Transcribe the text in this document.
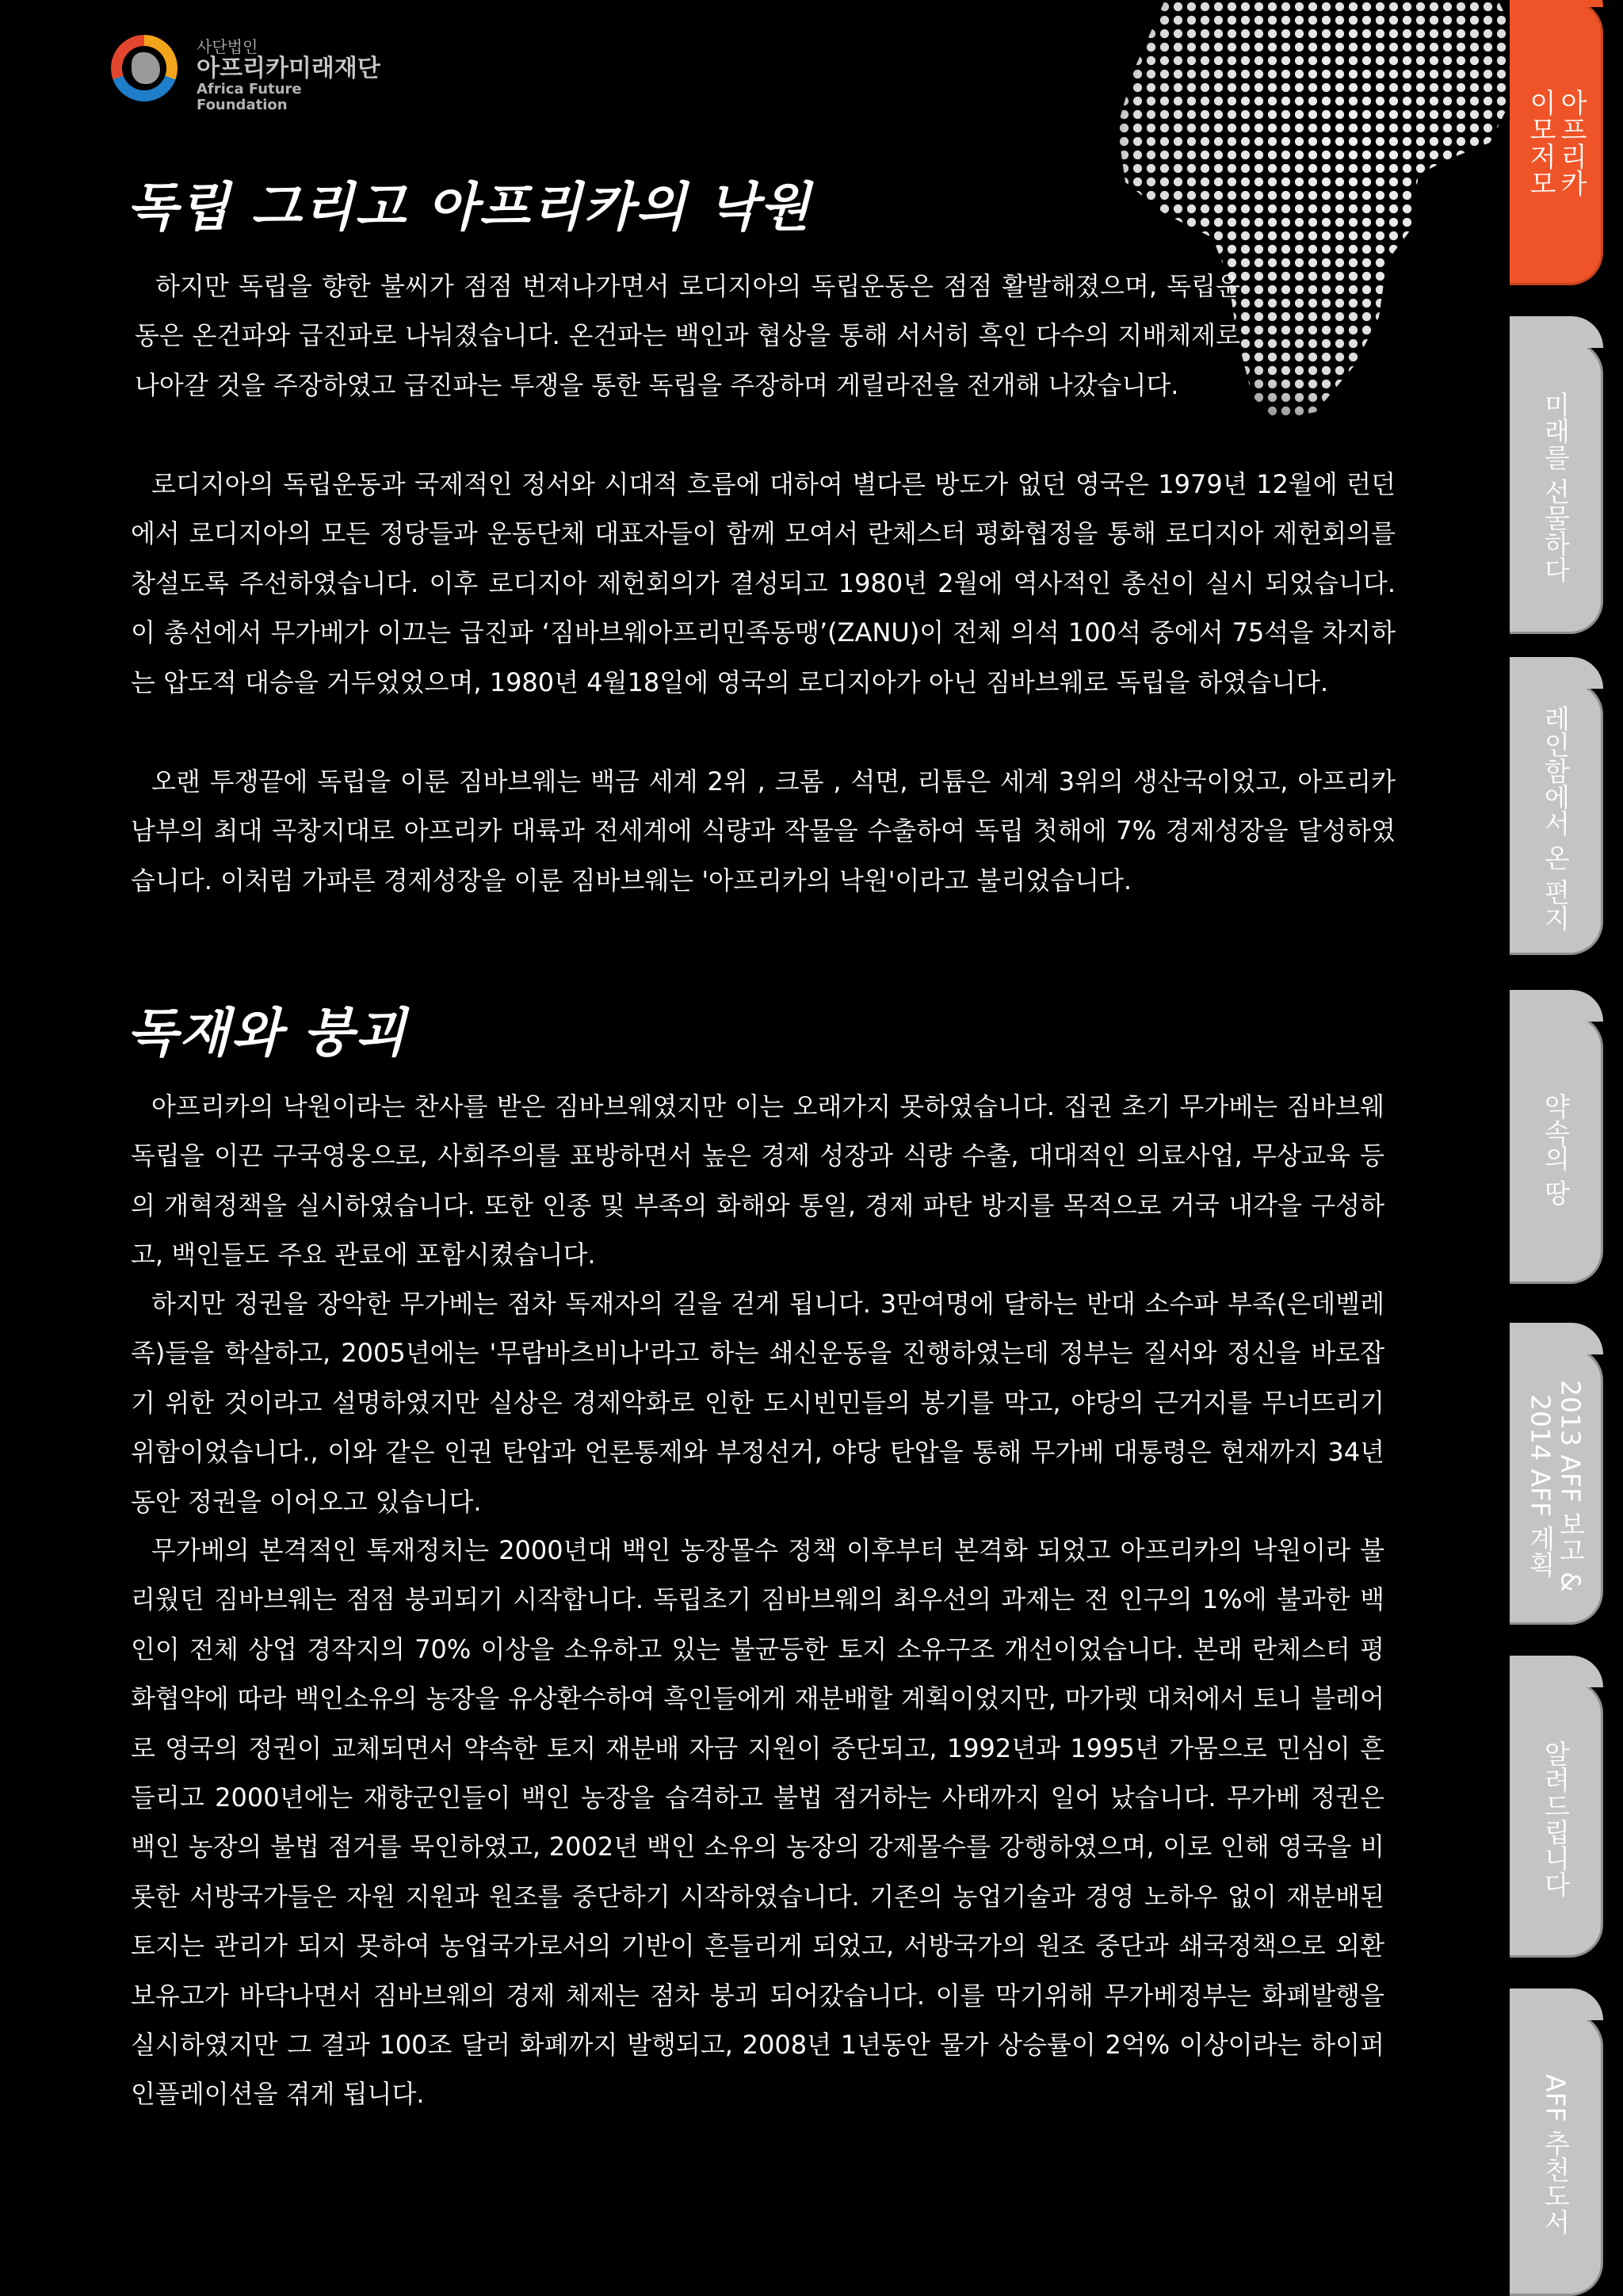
사단법인
아프리카미래재단
Africa Future Foundation	아프리카
이모저모
미래를 선물하다
레인함에서 온 편지
약속의 땅
2013 AFF 보고 &
2014 AFF 계획
알려드립니다
AFF 추천도서
독립 그리고 아프리카의 낙원

하지만 독립을 향한 불씨가 점점 번져나가면서 로디지아의 독립운동은 점점 활발해졌으며, 독립운동은 온건파와 급진파로 나눠졌습니다. 온건파는 백인과 협상을 통해 서서히 흑인 다수의 지배체제로 나아갈 것을 주장하였고 급진파는 투쟁을 통한 독립을 주장하며 게릴라전을 전개해 나갔습니다.

로디지아의 독립운동과 국제적인 정서와 시대적 흐름에 대하여 별다른 방도가 없던 영국은 1979년 12월에 런던에서 로디지아의 모든 정당들과 운동단체 대표자들이 함께 모여서 란체스터 평화협정을 통해 로디지아 제헌회의를 창설도록 주선하였습니다. 이후 로디지아 제헌회의가 결성되고 1980년 2월에 역사적인 총선이 실시 되었습니다. 이 총선에서 무가베가 이끄는 급진파 ‘짐바브웨아프리민족동맹’(ZANU)이 전체 의석 100석 중에서 75석을 차지하는 압도적 대승을 거두었었으며, 1980년 4월18일에 영국의 로디지아가 아닌 짐바브웨로 독립을 하였습니다.

오랜 투쟁끝에 독립을 이룬 짐바브웨는 백금 세계 2위 , 크롬 , 석면, 리튬은 세계 3위의 생산국이었고, 아프리카 남부의 최대 곡창지대로 아프리카 대륙과 전세계에 식량과 작물을 수출하여 독립 첫해에 7% 경제성장을 달성하였습니다. 이처럼 가파른 경제성장을 이룬 짐바브웨는 '아프리카의 낙원'이라고 불리었습니다.

독재와 붕괴

아프리카의 낙원이라는 찬사를 받은 짐바브웨였지만 이는 오래가지 못하였습니다. 집권 초기 무가베는 짐바브웨 독립을 이끈 구국영웅으로, 사회주의를 표방하면서 높은 경제 성장과 식량 수출, 대대적인 의료사업, 무상교육 등의 개혁정책을 실시하였습니다. 또한 인종 및 부족의 화해와 통일, 경제 파탄 방지를 목적으로 거국 내각을 구성하고, 백인들도 주요 관료에 포함시켰습니다.

하지만 정권을 장악한 무가베는 점차 독재자의 길을 걷게 됩니다. 3만여명에 달하는 반대 소수파 부족(은데벨레족)들을 학살하고, 2005년에는 '무람바츠비나'라고 하는 쇄신운동을 진행하였는데 정부는 질서와 정신을 바로잡기 위한 것이라고 설명하였지만 실상은 경제악화로 인한 도시빈민들의 봉기를 막고, 야당의 근거지를 무너뜨리기 위함이었습니다., 이와 같은 인권 탄압과 언론통제와 부정선거, 야당 탄압을 통해 무가베 대통령은 현재까지 34년동안 정권을 이어오고 있습니다.

무가베의 본격적인 톡재정치는 2000년대 백인 농장몰수 정책 이후부터 본격화 되었고 아프리카의 낙원이라 불리웠던 짐바브웨는 점점 붕괴되기 시작합니다. 독립초기 짐바브웨의 최우선의 과제는 전 인구의 1%에 불과한 백인이 전체 상업 경작지의 70% 이상을 소유하고 있는 불균등한 토지 소유구조 개선이었습니다. 본래 란체스터 평화협약에 따라 백인소유의 농장을 유상환수하여 흑인들에게 재분배할 계획이었지만, 마가렛 대처에서 토니 블레어로 영국의 정권이 교체되면서 약속한 토지 재분배 자금 지원이 중단되고, 1992년과 1995년 가뭄으로 민심이 흔들리고 2000년에는 재향군인들이 백인 농장을 습격하고 불법 점거하는 사태까지 일어 났습니다. 무가베 정권은 백인 농장의 불법 점거를 묵인하였고, 2002년 백인 소유의 농장의 강제몰수를 강행하였으며, 이로 인해 영국을 비롯한 서방국가들은 자원 지원과 원조를 중단하기 시작하였습니다. 기존의 농업기술과 경영 노하우 없이 재분배된 토지는 관리가 되지 못하여 농업국가로서의 기반이 흔들리게 되었고, 서방국가의 원조 중단과 쇄국정책으로 외환보유고가 바닥나면서 짐바브웨의 경제 체제는 점차 붕괴 되어갔습니다. 이를 막기위해 무가베정부는 화폐발행을 실시하였지만 그 결과 100조 달러 화폐까지 발행되고, 2008년 1년동안 물가 상승률이 2억% 이상이라는 하이퍼 인플레이션을 겪게 됩니다.
